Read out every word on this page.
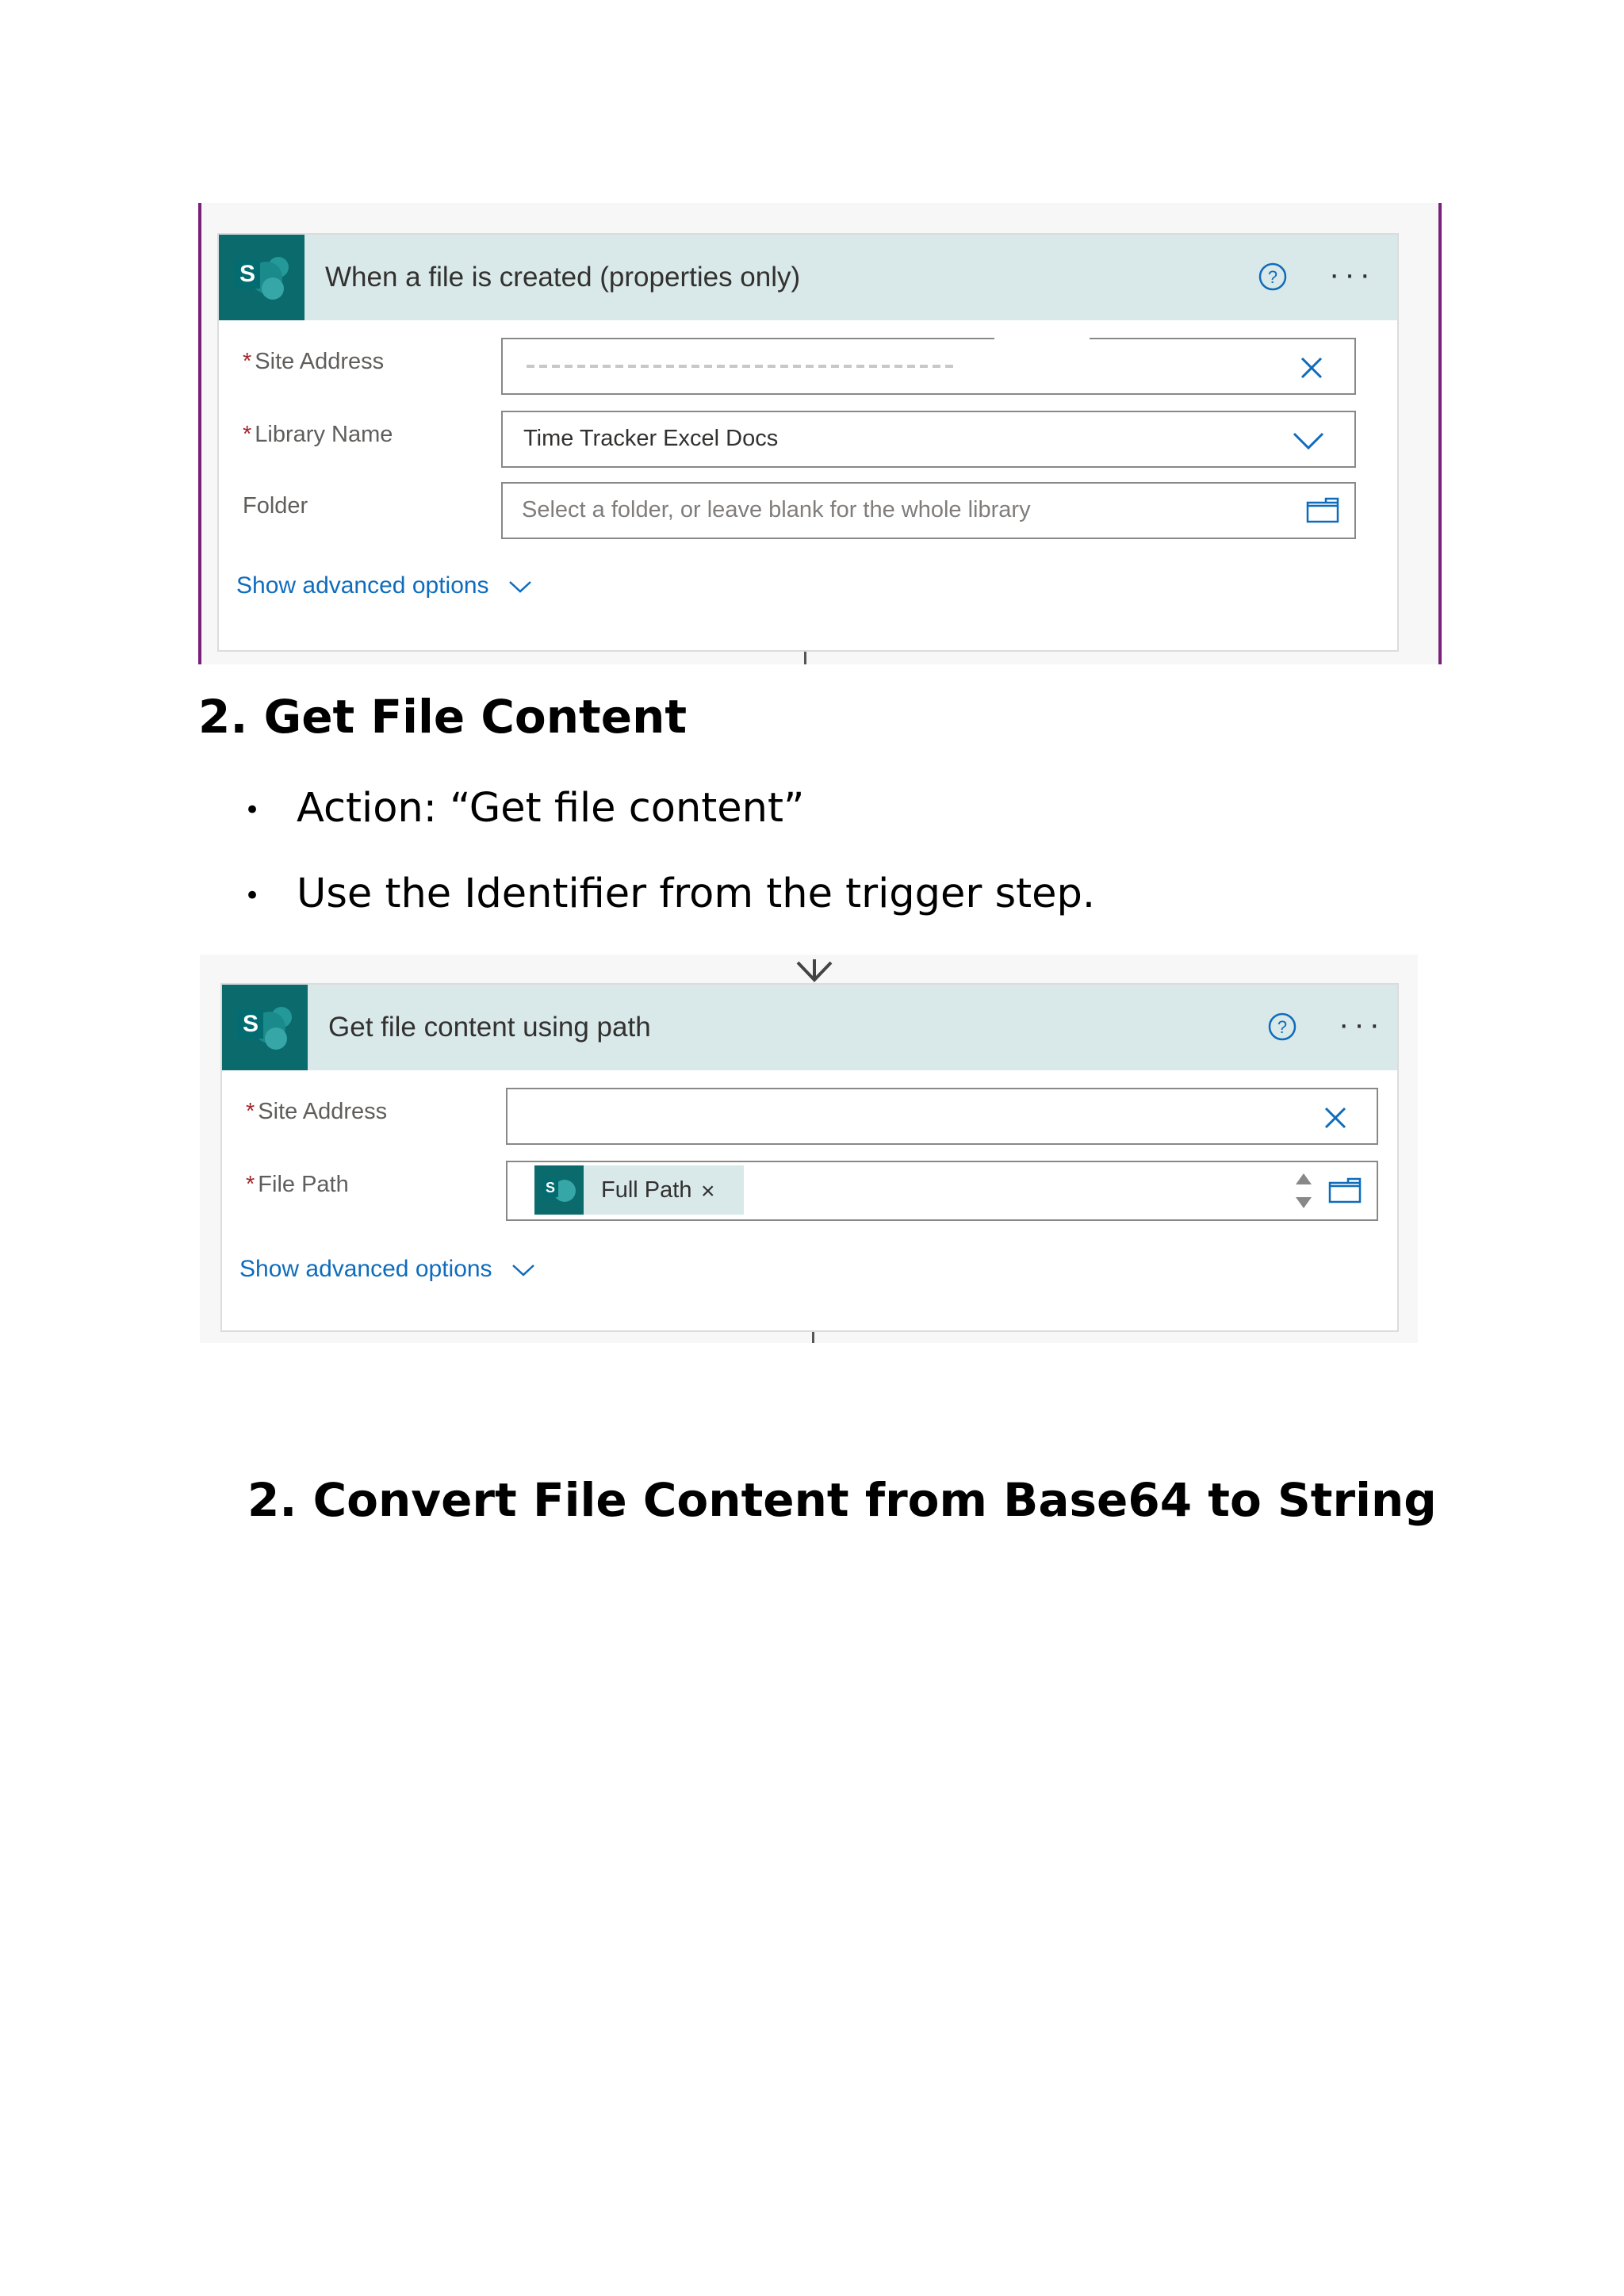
S	When a file is created (properties only)	? ···
* Site Address
* Library Name	Time Tracker Excel Docs
Folder	Select a folder, or leave blank for the whole library
Show advanced options
2. Get File Content
• Action: “Get file content”
• Use the Identifier from the trigger step.
S	Get file content using path	? ···
* Site Address
* File Path	S Full Path ×
Show advanced options
2. Convert File Content from Base64 to String
